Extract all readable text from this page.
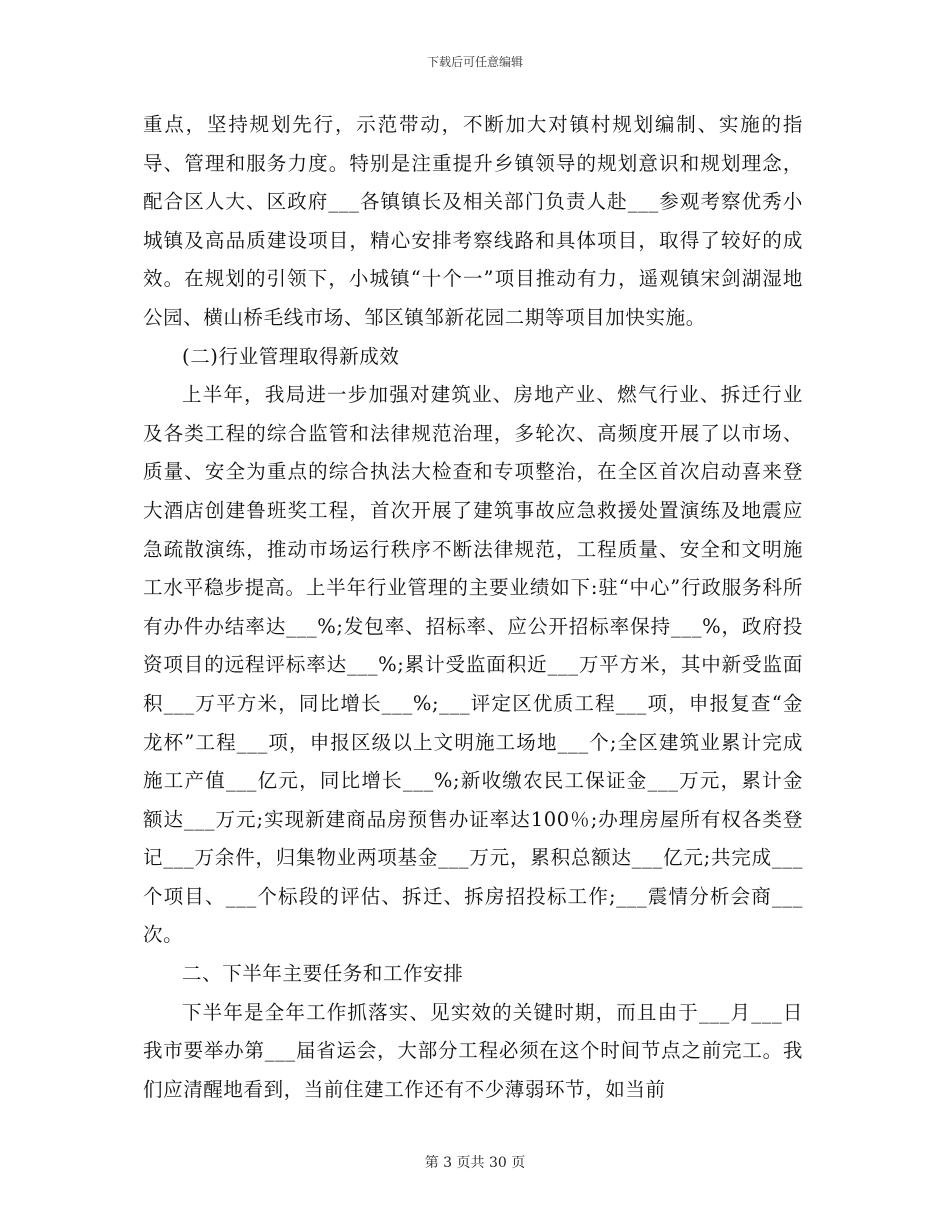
下载后可任意编辑

重点，坚持规划先行，示范带动，不断加大对镇村规划编制、实施的指导、管理和服务力度。特别是注重提升乡镇领导的规划意识和规划理念，配合区人大、区政府___各镇镇长及相关部门负责人赴___参观考察优秀小城镇及高品质建设项目，精心安排考察线路和具体项目，取得了较好的成效。在规划的引领下，小城镇“十个一”项目推动有力，遥观镇宋剑湖湿地公园、横山桥毛线市场、邹区镇邹新花园二期等项目加快实施。

(二)行业管理取得新成效

上半年，我局进一步加强对建筑业、房地产业、燃气行业、拆迁行业及各类工程的综合监管和法律规范治理，多轮次、高频度开展了以市场、质量、安全为重点的综合执法大检查和专项整治，在全区首次启动喜来登大酒店创建鲁班奖工程，首次开展了建筑事故应急救援处置演练及地震应急疏散演练，推动市场运行秩序不断法律规范，工程质量、安全和文明施工水平稳步提高。上半年行业管理的主要业绩如下:驻“中心”行政服务科所有办件办结率达___%;发包率、招标率、应公开招标率保持___%，政府投资项目的远程评标率达___%;累计受监面积近___万平方米，其中新受监面积___万平方米，同比增长___%;___评定区优质工程___项，申报复查“金龙杯”工程___项，申报区级以上文明施工场地___个;全区建筑业累计完成施工产值___亿元，同比增长___%;新收缴农民工保证金___万元，累计金额达___万元;实现新建商品房预售办证率达100％;办理房屋所有权各类登记___万余件，归集物业两项基金___万元，累积总额达___亿元;共完成___个项目、___个标段的评估、拆迁、拆房招投标工作;___震情分析会商___次。

二、下半年主要任务和工作安排

下半年是全年工作抓落实、见实效的关键时期，而且由于___月___日我市要举办第___届省运会，大部分工程必须在这个时间节点之前完工。我们应清醒地看到，当前住建工作还有不少薄弱环节，如当前

第 3 页共 30 页
